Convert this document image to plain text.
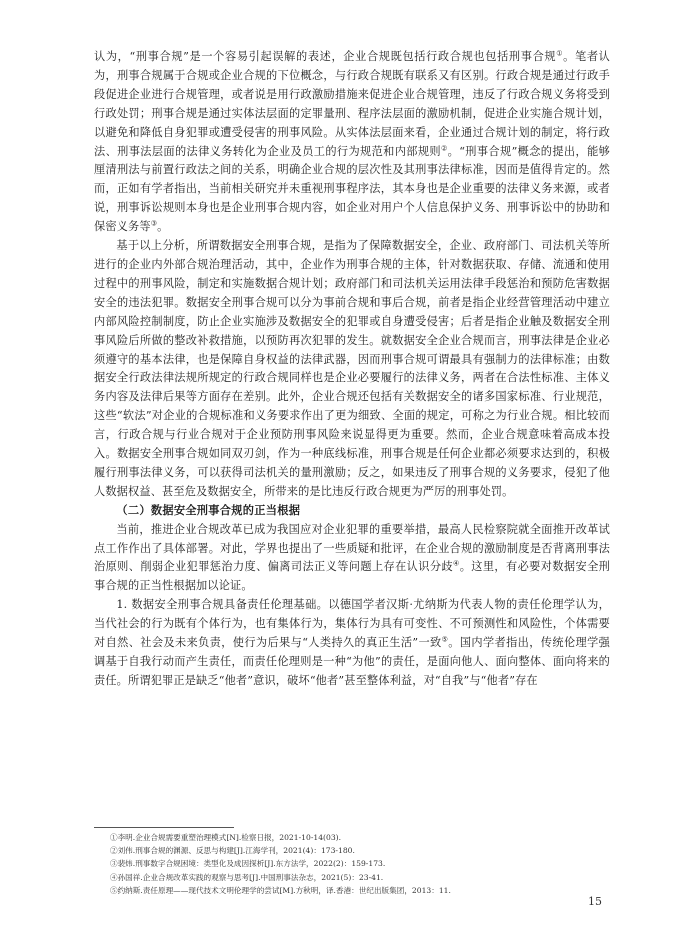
认为，“刑事合规”是一个容易引起误解的表述，企业合规既包括行政合规也包括刑事合规①。笔者认为，刑事合规属于合规或企业合规的下位概念，与行政合规既有联系又有区别。行政合规是通过行政手段促进企业进行合规管理，或者说是用行政激励措施来促进企业合规管理，违反了行政合规义务将受到行政处罚；刑事合规是通过实体法层面的定罪量刑、程序法层面的激励机制，促进企业实施合规计划，以避免和降低自身犯罪或遭受侵害的刑事风险。从实体法层面来看，企业通过合规计划的制定，将行政法、刑事法层面的法律义务转化为企业及员工的行为规范和内部规则②。“刑事合规”概念的提出，能够厘清刑法与前置行政法之间的关系，明确企业合规的层次性及其刑事法律标准，因而是值得肯定的。然而，正如有学者指出，当前相关研究并未重视刑事程序法，其本身也是企业重要的法律义务来源，或者说，刑事诉讼规则本身也是企业刑事合规内容，如企业对用户个人信息保护义务、刑事诉讼中的协助和保密义务等③。

基于以上分析，所谓数据安全刑事合规，是指为了保障数据安全，企业、政府部门、司法机关等所进行的企业内外部合规治理活动，其中，企业作为刑事合规的主体，针对数据获取、存储、流通和使用过程中的刑事风险，制定和实施数据合规计划；政府部门和司法机关运用法律手段惩治和预防危害数据安全的违法犯罪。数据安全刑事合规可以分为事前合规和事后合规，前者是指企业经营管理活动中建立内部风险控制制度，防止企业实施涉及数据安全的犯罪或自身遭受侵害；后者是指企业触及数据安全刑事风险后所做的整改补救措施，以预防再次犯罪的发生。就数据安全企业合规而言，刑事法律是企业必须遵守的基本法律，也是保障自身权益的法律武器，因而刑事合规可谓最具有强制力的法律标准；由数据安全行政法律法规所规定的行政合规同样也是企业必要履行的法律义务，两者在合法性标准、主体义务内容及法律后果等方面存在差别。此外，企业合规还包括有关数据安全的诸多国家标准、行业规范，这些“软法”对企业的合规标准和义务要求作出了更为细致、全面的规定，可称之为行业合规。相比较而言，行政合规与行业合规对于企业预防刑事风险来说显得更为重要。然而，企业合规意味着高成本投入。数据安全刑事合规如同双刃剑，作为一种底线标准，刑事合规是任何企业都必须要求达到的，积极履行刑事法律义务，可以获得司法机关的量刑激励；反之，如果违反了刑事合规的义务要求，侵犯了他人数据权益、甚至危及数据安全，所带来的是比违反行政合规更为严厉的刑事处罚。

（二）数据安全刑事合规的正当根据

当前，推进企业合规改革已成为我国应对企业犯罪的重要举措，最高人民检察院就全面推开改革试点工作作出了具体部署。对此，学界也提出了一些质疑和批评，在企业合规的激励制度是否背离刑事法治原则、削弱企业犯罪惩治力度、偏离司法正义等问题上存在认识分歧④。这里，有必要对数据安全刑事合规的正当性根据加以论证。

1. 数据安全刑事合规具备责任伦理基础。以德国学者汉斯·尤纳斯为代表人物的责任伦理学认为，当代社会的行为既有个体行为，也有集体行为，集体行为具有可变性、不可预测性和风险性，个体需要对自然、社会及未来负责，使行为后果与“人类持久的真正生活”一致⑤。国内学者指出，传统伦理学强调基于自我行动而产生责任，而责任伦理则是一种“为他”的责任，是面向他人、面向整体、面向将来的责任。所谓犯罪正是缺乏“他者”意识，破坏“他者”甚至整体利益，对“自我”与“他者”存在

①李明.企业合规需要重塑治理模式[N].检察日报，2021-10-14(03).

②刘伟.刑事合规的渊源、反思与构建[J].江海学刊，2021(4)：173-180.

③裴炜.刑事数字合规困境：类型化及成因探析[J].东方法学，2022(2)：159-173.

④孙国祥.企业合规改革实践的观察与思考[J].中国刑事法杂志，2021(5)：23-41.

⑤约纳斯.责任原理——现代技术文明伦理学的尝试[M].方秋明，译.香港：世纪出版集团，2013：11.

15
